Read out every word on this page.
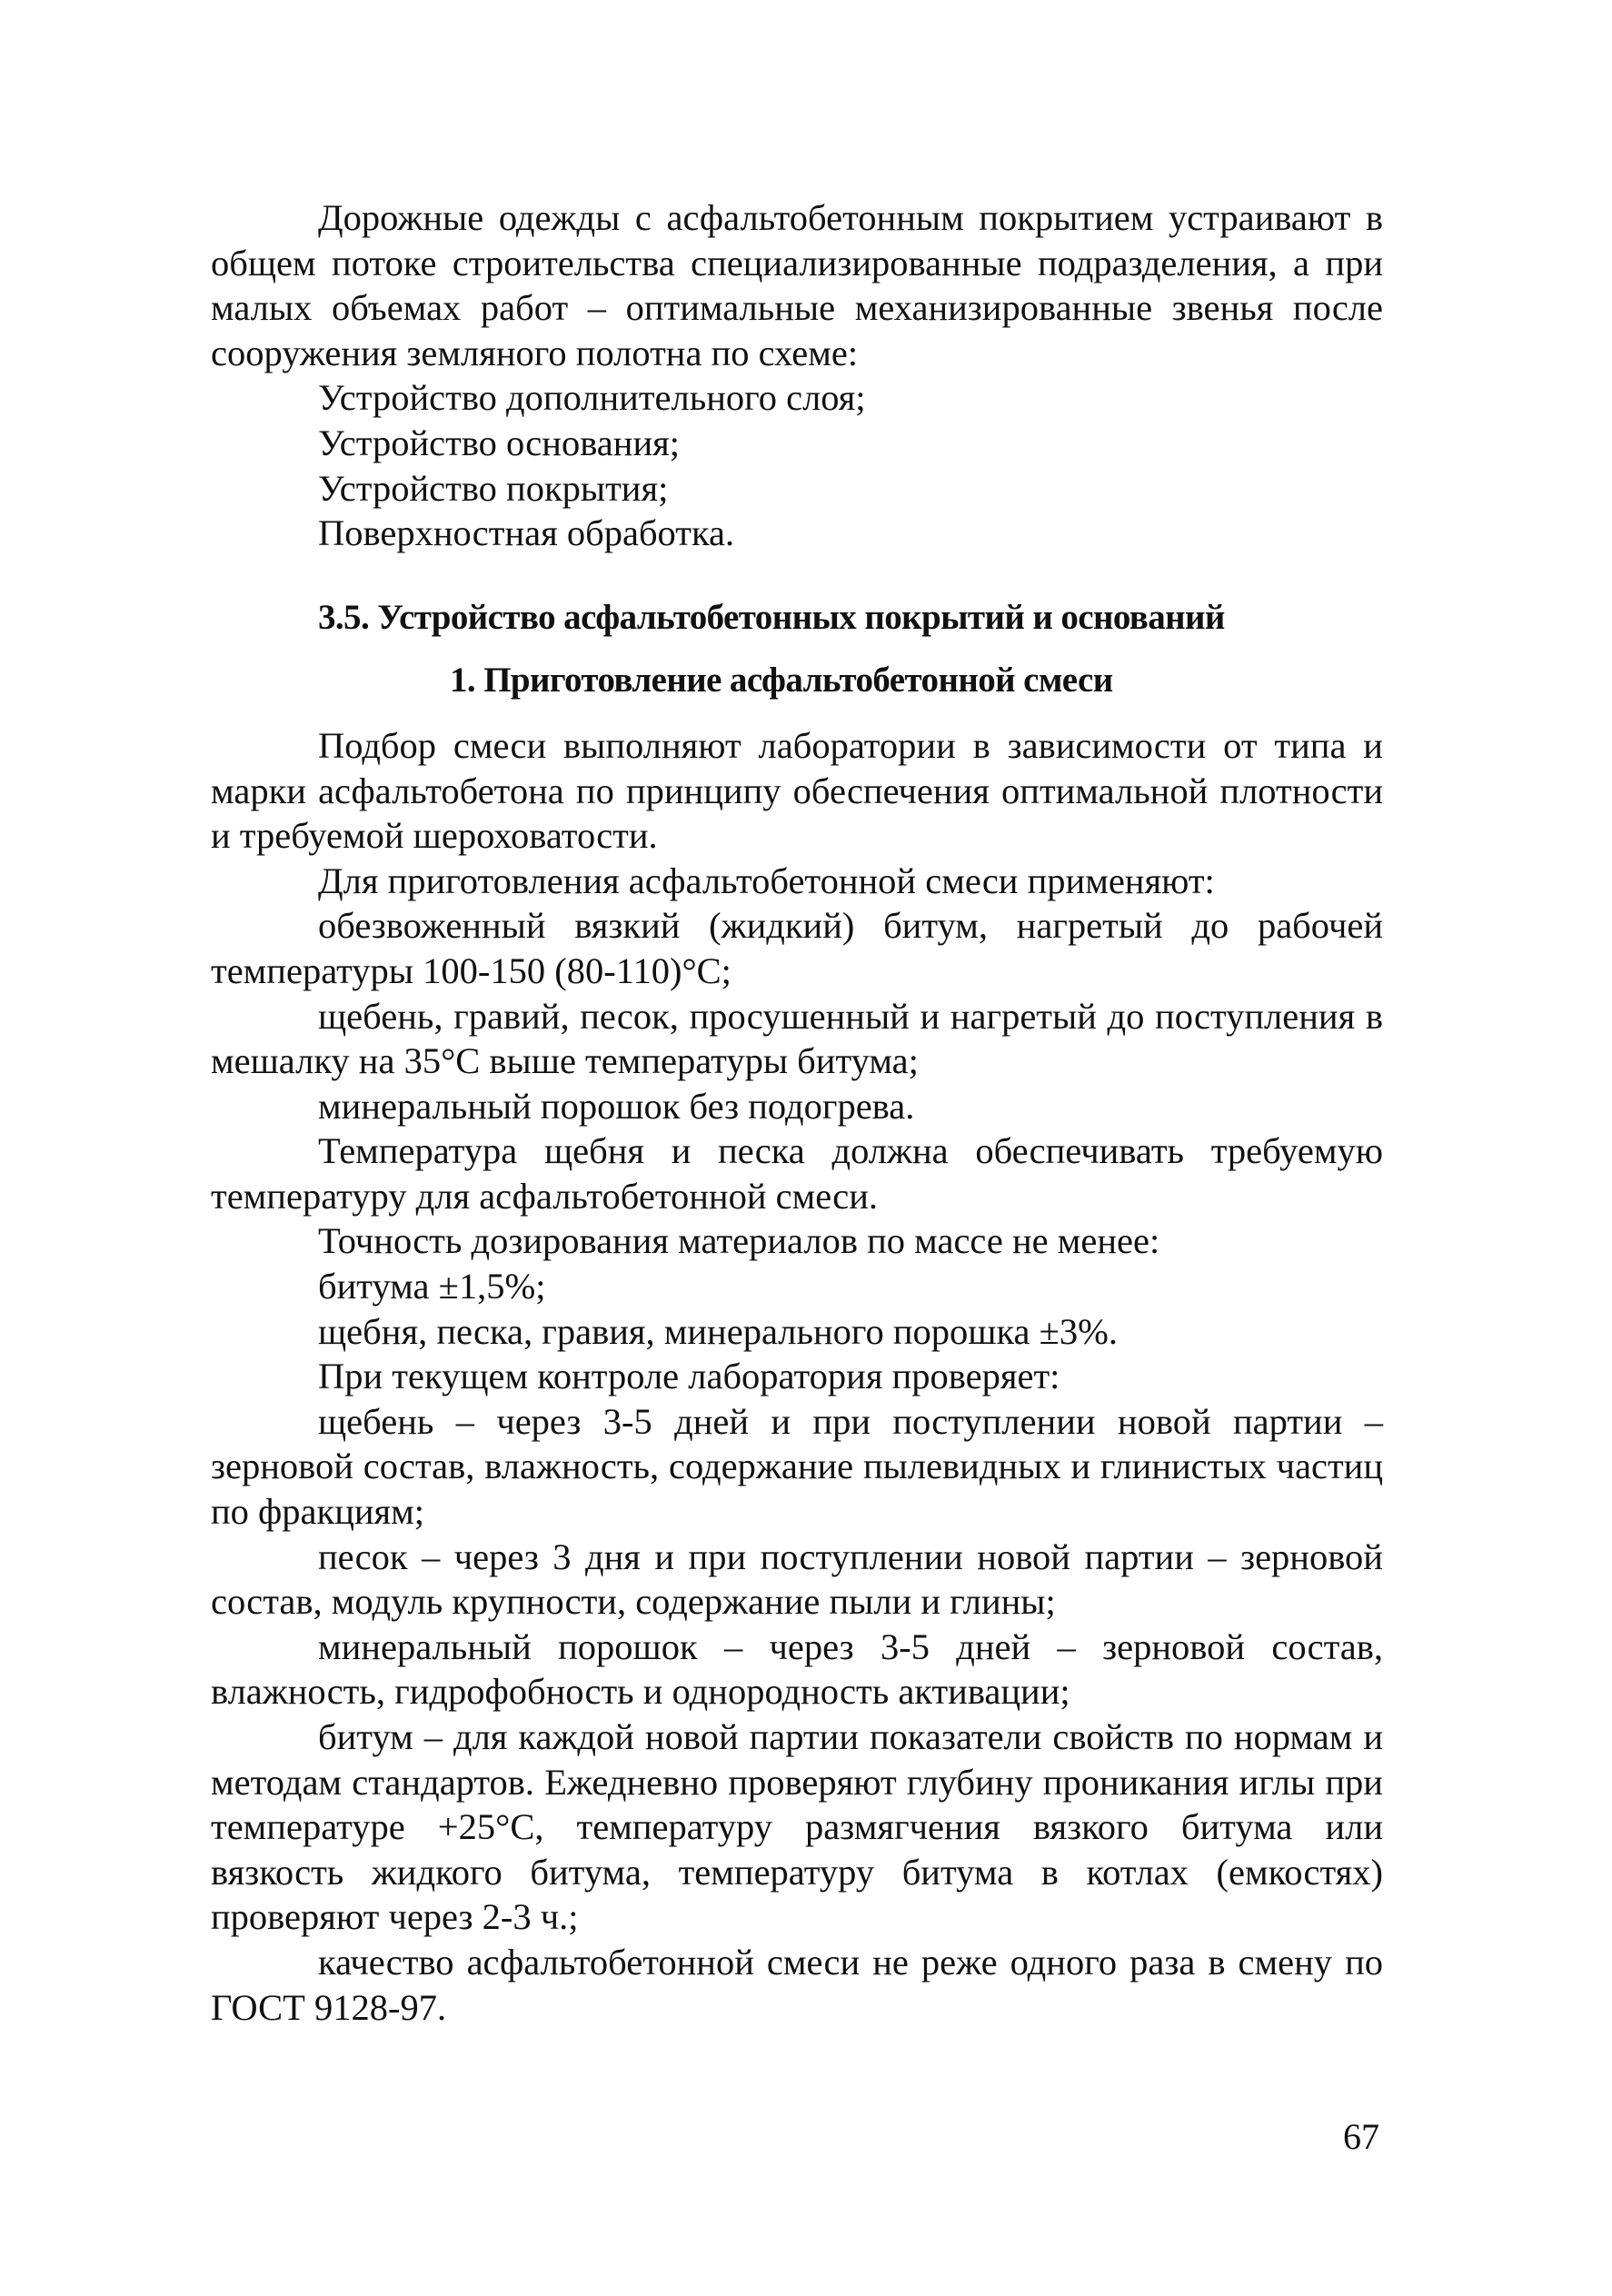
Дорожные одежды с асфальтобетонным покрытием устраивают в общем потоке строительства специализированные подразделения, а при малых объемах работ – оптимальные механизированные звенья после сооружения земляного полотна по схеме:

Устройство дополнительного слоя;

Устройство основания;

Устройство покрытия;

Поверхностная обработка.

3.5. Устройство асфальтобетонных покрытий и оснований
1. Приготовление асфальтобетонной смеси

Подбор смеси выполняют лаборатории в зависимости от типа и марки асфальтобетона по принципу обеспечения оптимальной плотности и требуемой шероховатости.

Для приготовления асфальтобетонной смеси применяют:

обезвоженный вязкий (жидкий) битум, нагретый до рабочей температуры 100-150 (80-110)°С;

щебень, гравий, песок, просушенный и нагретый до поступления в мешалку на 35°С выше температуры битума;

минеральный порошок без подогрева.

Температура щебня и песка должна обеспечивать требуемую температуру для асфальтобетонной смеси.

Точность дозирования материалов по массе не менее:

битума ±1,5%;

щебня, песка, гравия, минерального порошка ±3%.

При текущем контроле лаборатория проверяет:

щебень – через 3-5 дней и при поступлении новой партии – зерновой состав, влажность, содержание пылевидных и глинистых частиц по фракциям;

песок – через 3 дня и при поступлении новой партии – зерновой состав, модуль крупности, содержание пыли и глины;

минеральный порошок – через 3-5 дней – зерновой состав, влажность, гидрофобность и однородность активации;

битум – для каждой новой партии показатели свойств по нормам и методам стандартов. Ежедневно проверяют глубину проникания иглы при температуре +25°С, температуру размягчения вязкого битума или вязкость жидкого битума, температуру битума в котлах (емкостях) проверяют через 2-3 ч.;

качество асфальтобетонной смеси не реже одного раза в смену по ГОСТ 9128-97.

67
